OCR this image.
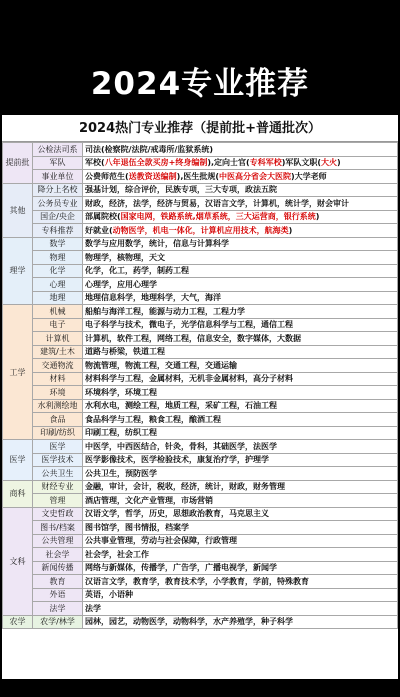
2024专业推荐
2024热门专业推荐（提前批+普通批次）
提前批	公检法司系	司法(检察院/法院/戒毒所/监狱系统)
	军队	军校(八年退伍全款买房+终身编制),定向士官(专科军校)军队文职(大火)
	事业单位	公费师范生(送教资送编制),医生批规(中医高分省会大医院)大学老师
其他	降分上名校	强基计划，综合评价，民族专项，三大专项，政法五院
	公务员专业	财政，经济，法学，经济与贸易，汉语言文学，计算机，统计学，财会审计
	国企/央企	部属院校(国家电网，铁路系统,烟草系统，三大运营商，银行系统)
	专科推荐	好就业(动物医学，机电一体化，计算机应用技术，航海类)
理学	数学	数学与应用数学，统计，信息与计算科学
	物理	物理学，核物理，天文
	化学	化学，化工，药学，制药工程
	心理	心理学，应用心理学
	地理	地理信息科学，地理科学，大气，海洋
工学	机械	船舶与海洋工程，能源与动力工程，工程力学
	电子	电子科学与技术，微电子，光学信息科学与工程，通信工程
	计算机	计算机，软件工程，网络工程，信息安全，数字媒体，大数据
	建筑/土木	道路与桥梁，铁道工程
	交通物流	物流管理，物流工程，交通工程，交通运输
	材料	材料科学与工程，金属材料，无机非金属材料，高分子材料
	环境	环境科学，环境工程
	水利测绘地	水利水电，测绘工程，地质工程，采矿工程，石油工程
	食品	食品科学与工程，粮食工程，酿酒工程
	印刷/纺织	印刷工程，纺织工程
医学	医学	中医学，中西医结合，针灸，骨科，其础医学，法医学
	医学技术	医学影像技术，医学检验技术，康复治疗学，护理学
	公共卫生	公共卫生，预防医学
商科	财经专业	金融，审计，会计，税收，经济，统计，财政，财务管理
	管理	酒店管理，文化产业管理，市场营销
文科	文史哲政	汉语文学，哲学，历史，思想政治教育，马克思主义
	图书/档案	图书馆学，图书情报，档案学
	公共管理	公共事业管理，劳动与社会保障，行政管理
	社会学	社会学，社会工作
	新闻传播	网络与新媒体，传播学，广告学，广播电视学，新闻学
	教育	汉语言文学，教育学，教育技术学，小学教育，学前，特殊教育
	外语	英语，小语种
	法学	法学
农学	农学/林学	园林，园艺，动物医学，动物科学，水产养殖学，种子科学
